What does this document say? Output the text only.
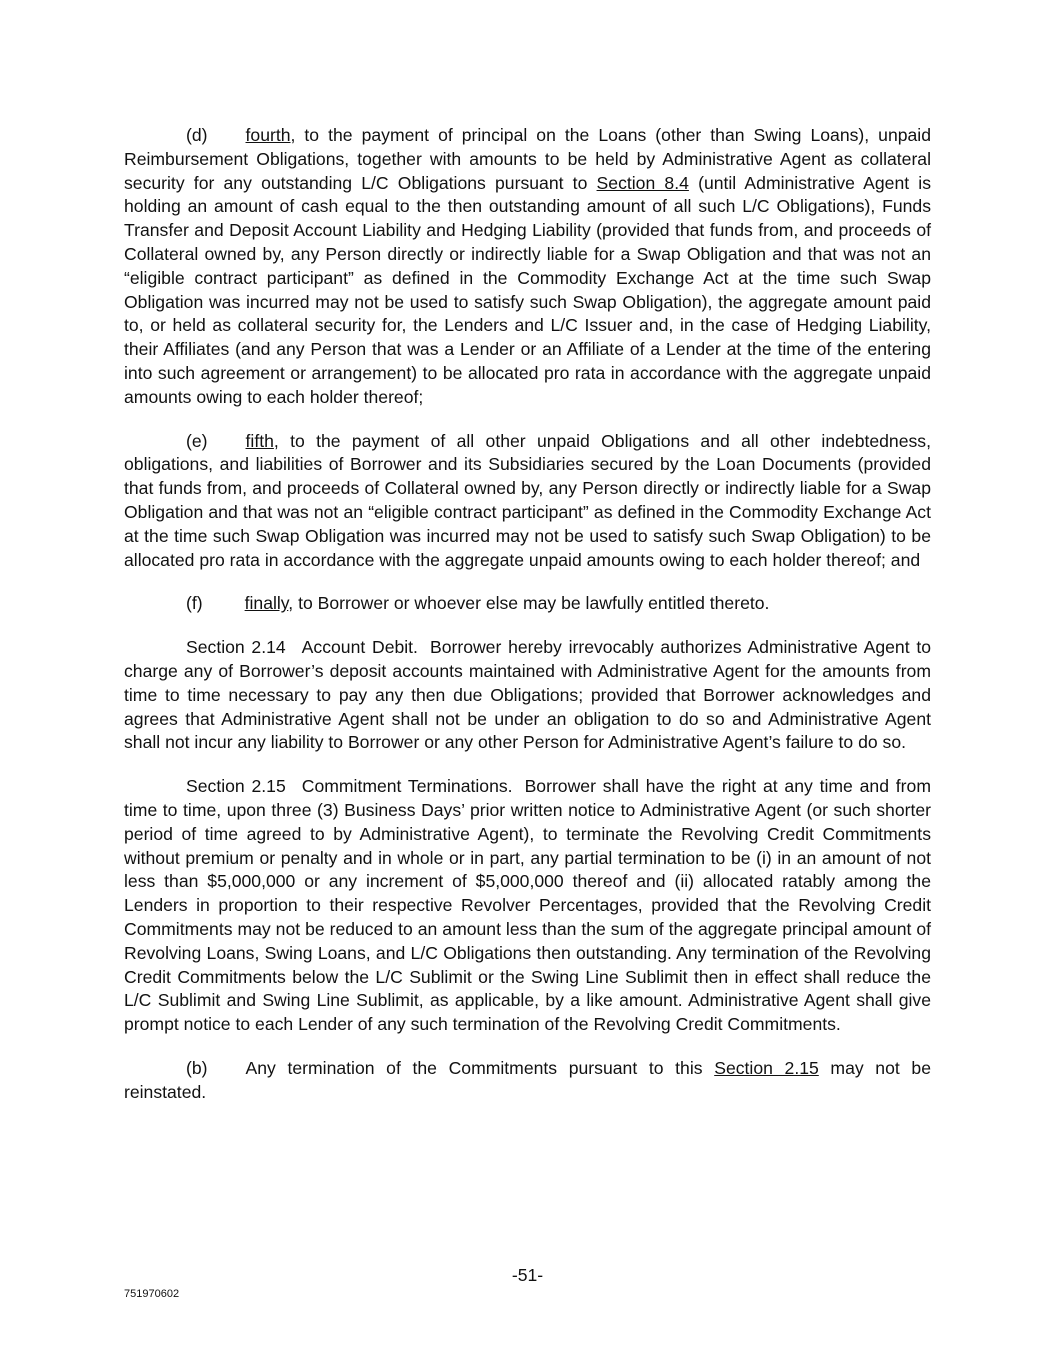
(d) fourth, to the payment of principal on the Loans (other than Swing Loans), unpaid Reimbursement Obligations, together with amounts to be held by Administrative Agent as collateral security for any outstanding L/C Obligations pursuant to Section 8.4 (until Administrative Agent is holding an amount of cash equal to the then outstanding amount of all such L/C Obligations), Funds Transfer and Deposit Account Liability and Hedging Liability (provided that funds from, and proceeds of Collateral owned by, any Person directly or indirectly liable for a Swap Obligation and that was not an “eligible contract participant” as defined in the Commodity Exchange Act at the time such Swap Obligation was incurred may not be used to satisfy such Swap Obligation), the aggregate amount paid to, or held as collateral security for, the Lenders and L/C Issuer and, in the case of Hedging Liability, their Affiliates (and any Person that was a Lender or an Affiliate of a Lender at the time of the entering into such agreement or arrangement) to be allocated pro rata in accordance with the aggregate unpaid amounts owing to each holder thereof;

(e) fifth, to the payment of all other unpaid Obligations and all other indebtedness, obligations, and liabilities of Borrower and its Subsidiaries secured by the Loan Documents (provided that funds from, and proceeds of Collateral owned by, any Person directly or indirectly liable for a Swap Obligation and that was not an “eligible contract participant” as defined in the Commodity Exchange Act at the time such Swap Obligation was incurred may not be used to satisfy such Swap Obligation) to be allocated pro rata in accordance with the aggregate unpaid amounts owing to each holder thereof; and

(f) finally, to Borrower or whoever else may be lawfully entitled thereto.

Section 2.14 Account Debit. Borrower hereby irrevocably authorizes Administrative Agent to charge any of Borrower’s deposit accounts maintained with Administrative Agent for the amounts from time to time necessary to pay any then due Obligations; provided that Borrower acknowledges and agrees that Administrative Agent shall not be under an obligation to do so and Administrative Agent shall not incur any liability to Borrower or any other Person for Administrative Agent’s failure to do so.

Section 2.15 Commitment Terminations. Borrower shall have the right at any time and from time to time, upon three (3) Business Days’ prior written notice to Administrative Agent (or such shorter period of time agreed to by Administrative Agent), to terminate the Revolving Credit Commitments without premium or penalty and in whole or in part, any partial termination to be (i) in an amount of not less than $5,000,000 or any increment of $5,000,000 thereof and (ii) allocated ratably among the Lenders in proportion to their respective Revolver Percentages, provided that the Revolving Credit Commitments may not be reduced to an amount less than the sum of the aggregate principal amount of Revolving Loans, Swing Loans, and L/C Obligations then outstanding. Any termination of the Revolving Credit Commitments below the L/C Sublimit or the Swing Line Sublimit then in effect shall reduce the L/C Sublimit and Swing Line Sublimit, as applicable, by a like amount. Administrative Agent shall give prompt notice to each Lender of any such termination of the Revolving Credit Commitments.

(b) Any termination of the Commitments pursuant to this Section 2.15 may not be reinstated.

-51-
751970602
